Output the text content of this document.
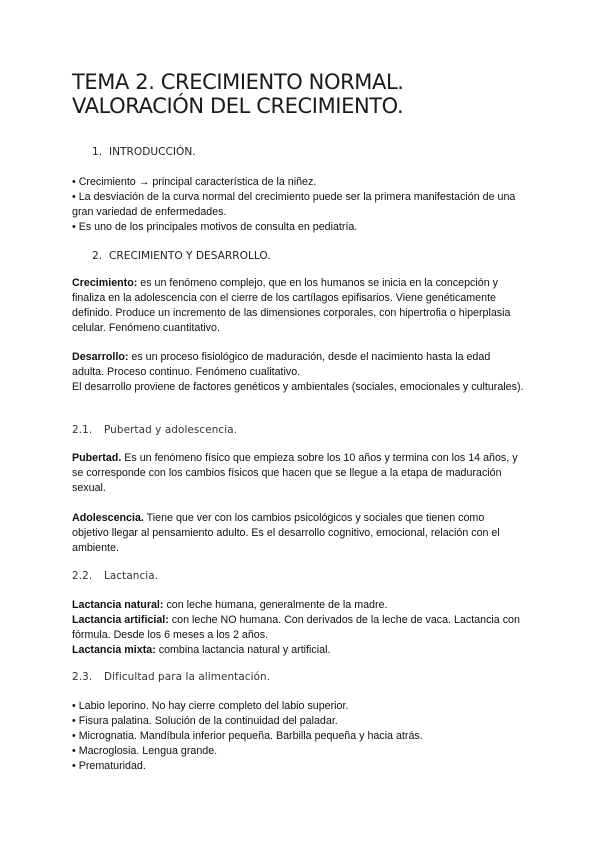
TEMA 2. CRECIMIENTO NORMAL.
VALORACIÓN DEL CRECIMIENTO.
1. INTRODUCCIÓN.

• Crecimiento → principal característica de la niñez.

• La desviación de la curva normal del crecimiento puede ser la primera manifestación de una gran variedad de enfermedades.

• Es uno de los principales motivos de consulta en pediatría.

2. CRECIMIENTO Y DESARROLLO.

Crecimiento: es un fenómeno complejo, que en los humanos se inicia en la concepción y finaliza en la adolescencia con el cierre de los cartílagos epifisarios. Viene genéticamente definido. Produce un incremento de las dimensiones corporales, con hipertrofia o hiperplasia celular. Fenómeno cuantitativo.

Desarrollo: es un proceso fisiológico de maduración, desde el nacimiento hasta la edad adulta. Proceso continuo. Fenómeno cualitativo.

El desarrollo proviene de factores genéticos y ambientales (sociales, emocionales y culturales).

2.1. Pubertad y adolescencia.

Pubertad. Es un fenómeno físico que empieza sobre los 10 años y termina con los 14 años, y se corresponde con los cambios físicos que hacen que se llegue a la etapa de maduración sexual.

Adolescencia. Tiene que ver con los cambios psicológicos y sociales que tienen como objetivo llegar al pensamiento adulto. Es el desarrollo cognitivo, emocional, relación con el ambiente.

2.2. Lactancia.

Lactancia natural: con leche humana, generalmente de la madre.

Lactancia artificial: con leche NO humana. Con derivados de la leche de vaca. Lactancia con fórmula. Desde los 6 meses a los 2 años.

Lactancia mixta: combina lactancia natural y artificial.

2.3. Dificultad para la alimentación.

• Labio leporino. No hay cierre completo del labio superior.

• Fisura palatina. Solución de la continuidad del paladar.

• Micrognatia. Mandíbula inferior pequeña. Barbilla pequeña y hacia atrás.

• Macroglosia. Lengua grande.

• Prematuridad.
